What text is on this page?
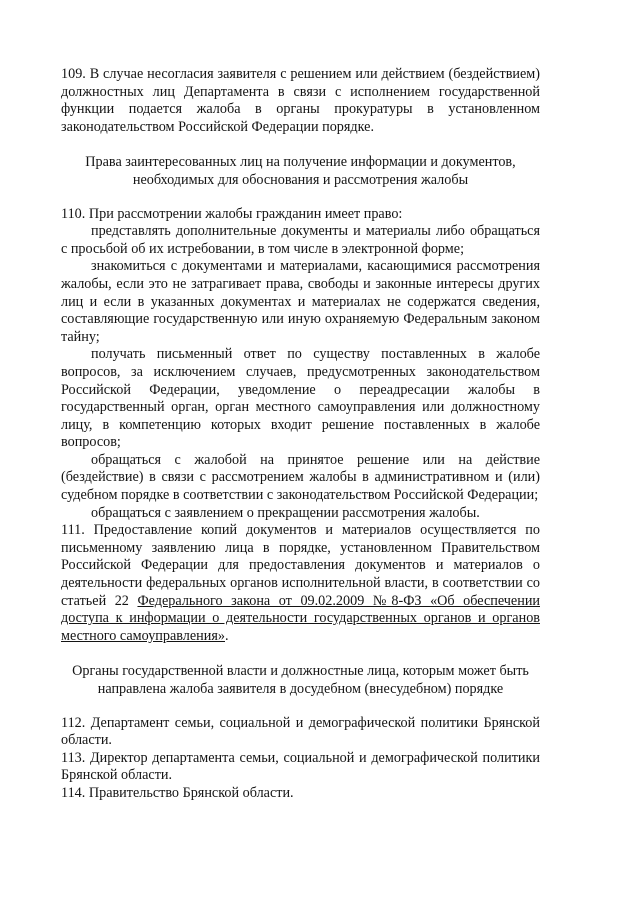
109. В случае несогласия заявителя с решением или действием (бездействием) должностных лиц Департамента в связи с исполнением государственной функции подается жалоба в органы прокуратуры в установленном законодательством Российской Федерации порядке.

Права заинтересованных лиц на получение информации и документов, необходимых для обоснования и рассмотрения жалобы

110. При рассмотрении жалобы гражданин имеет право:

представлять дополнительные документы и материалы либо обращаться с просьбой об их истребовании, в том числе в электронной форме;

знакомиться с документами и материалами, касающимися рассмотрения жалобы, если это не затрагивает права, свободы и законные интересы других лиц и если в указанных документах и материалах не содержатся сведения, составляющие государственную или иную охраняемую Федеральным законом тайну;

получать письменный ответ по существу поставленных в жалобе вопросов, за исключением случаев, предусмотренных законодательством Российской Федерации, уведомление о переадресации жалобы в государственный орган, орган местного самоуправления или должностному лицу, в компетенцию которых входит решение поставленных в жалобе вопросов;

обращаться с жалобой на принятое решение или на действие (бездействие) в связи с рассмотрением жалобы в административном и (или) судебном порядке в соответствии с законодательством Российской Федерации;

обращаться с заявлением о прекращении рассмотрения жалобы.

111. Предоставление копий документов и материалов осуществляется по письменному заявлению лица в порядке, установленном Правительством Российской Федерации для предоставления документов и материалов о деятельности федеральных органов исполнительной власти, в соответствии со статьей 22 Федерального закона от 09.02.2009 №8-ФЗ «Об обеспечении доступа к информации о деятельности государственных органов и органов местного самоуправления».

Органы государственной власти и должностные лица, которым может быть направлена жалоба заявителя в досудебном (внесудебном) порядке

112. Департамент семьи, социальной и демографической политики Брянской области.

113. Директор департамента семьи, социальной и демографической политики Брянской области.

114. Правительство Брянской области.
